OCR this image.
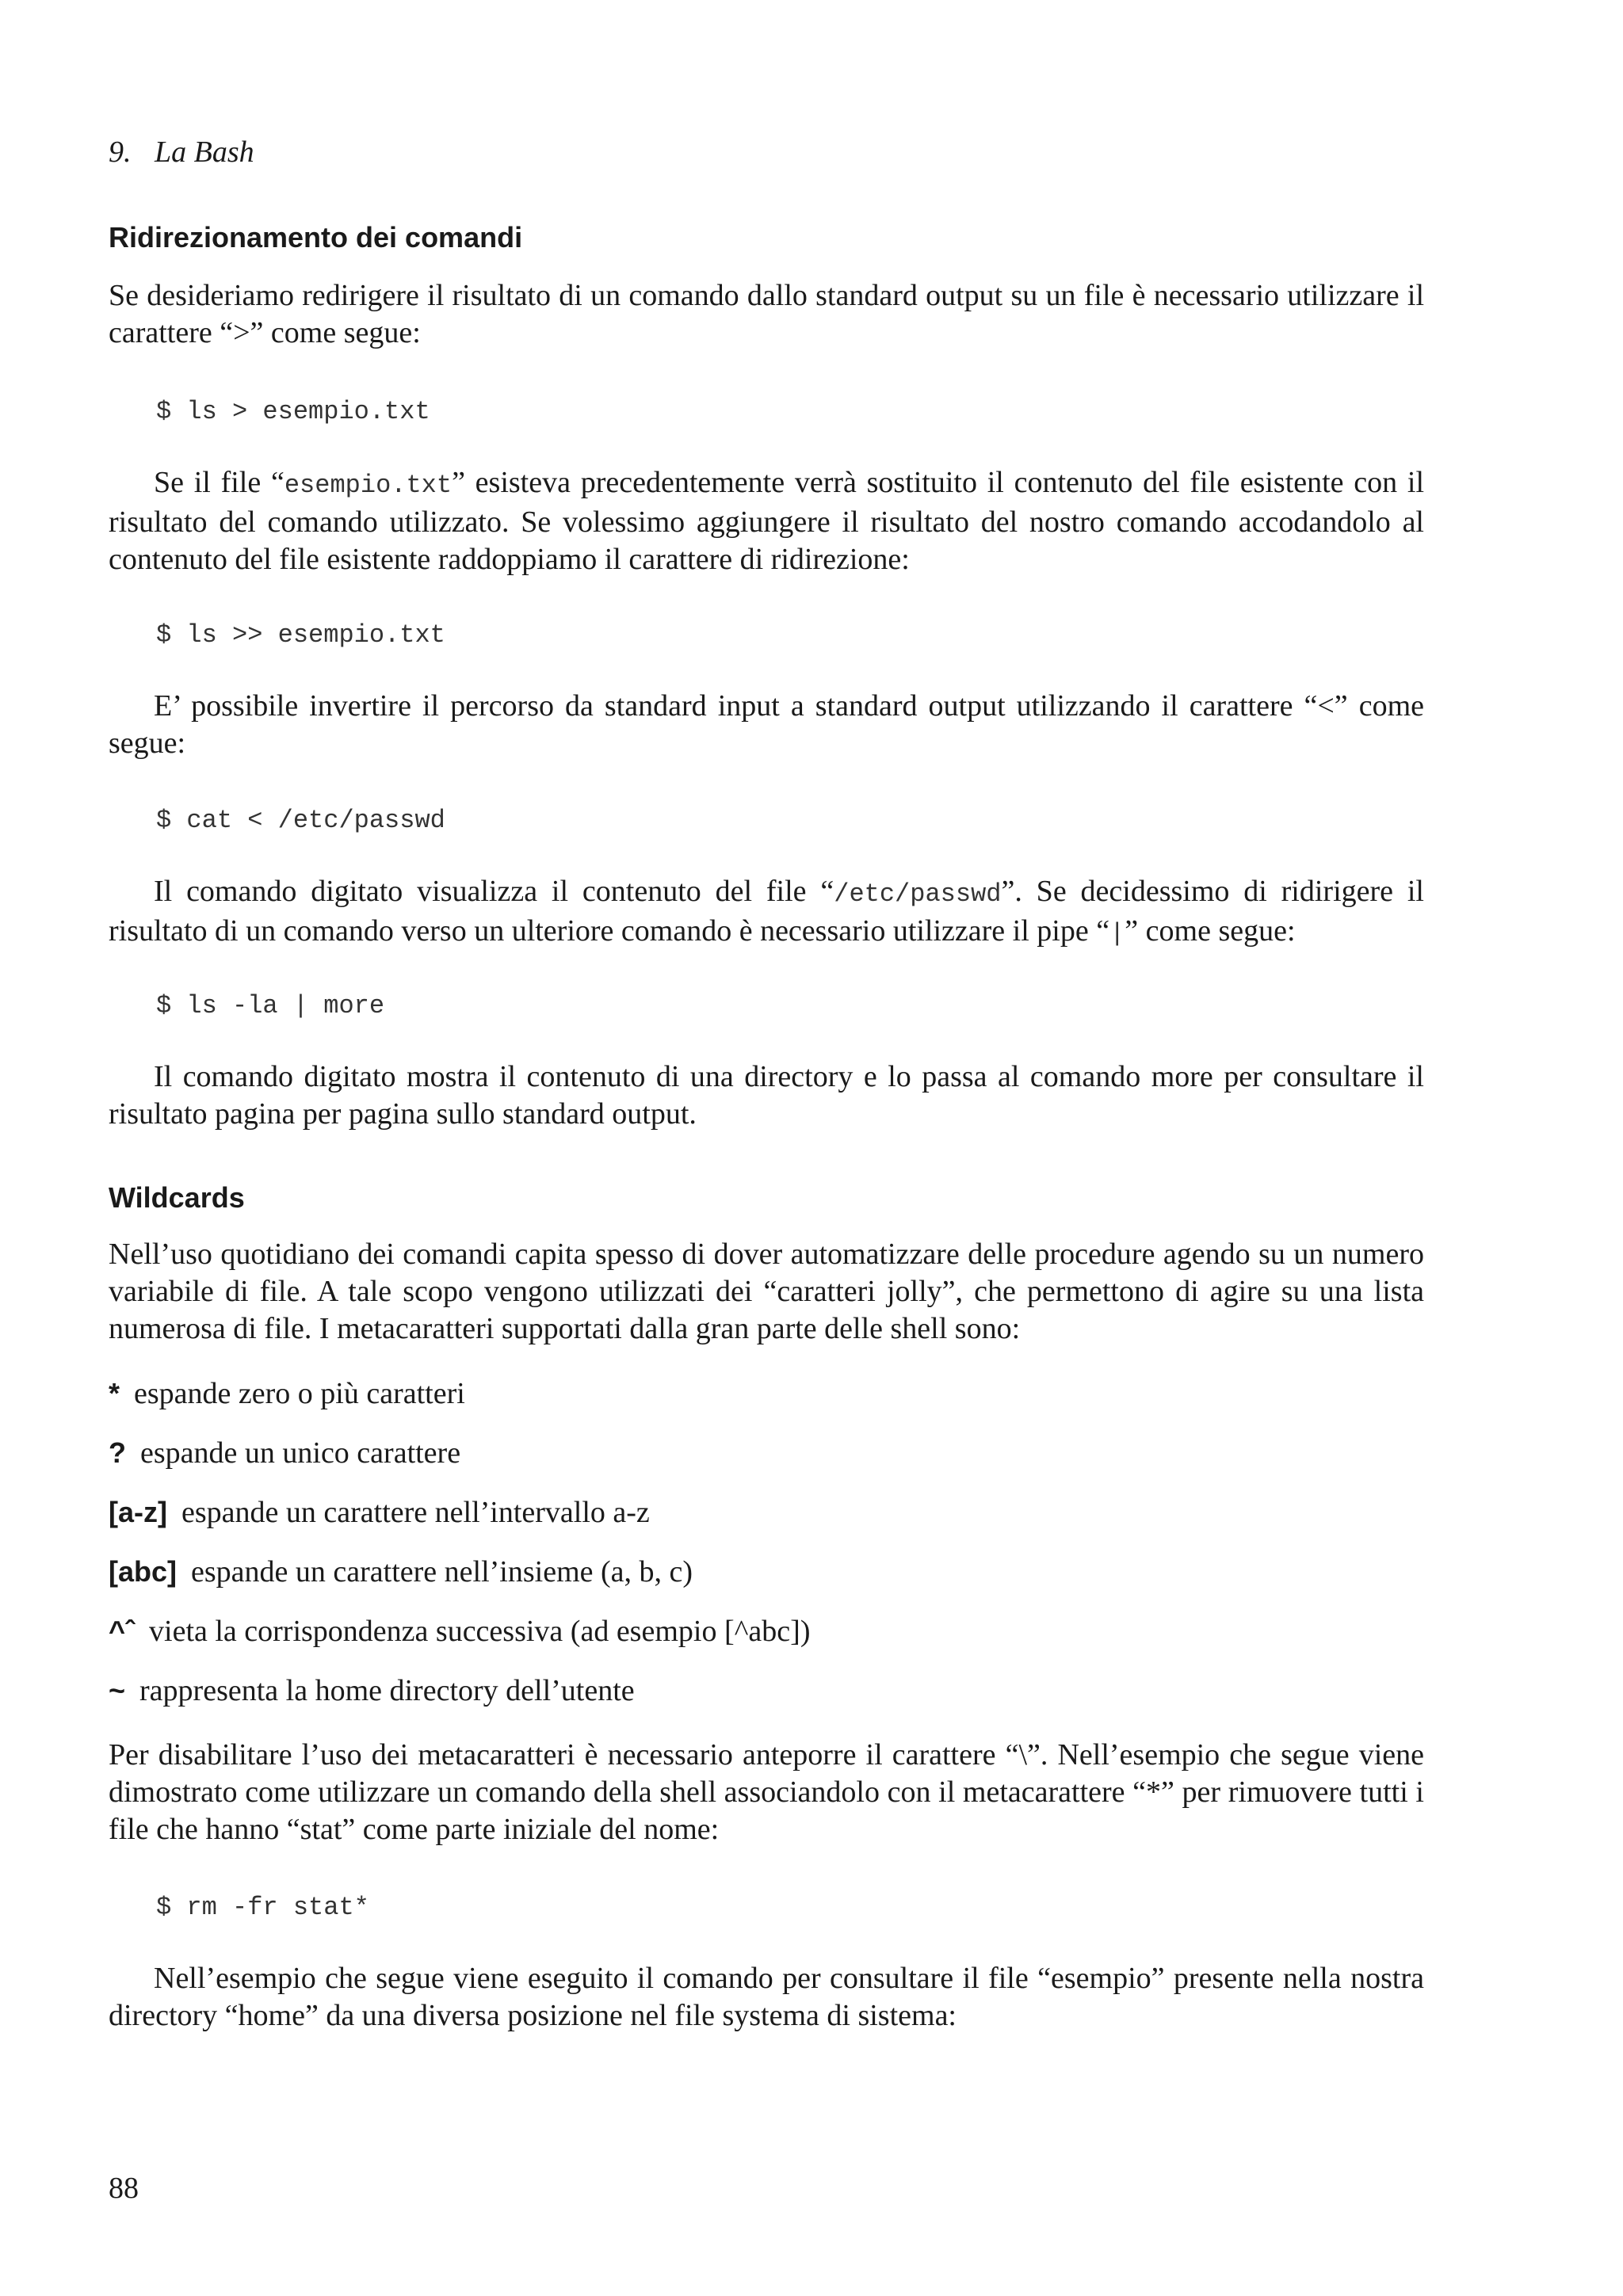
9. La Bash
Ridirezionamento dei comandi

Se desideriamo redirigere il risultato di un comando dallo standard output su un file è necessario utilizzare il carattere “>” come segue:

$ ls > esempio.txt

Se il file “esempio.txt” esisteva precedentemente verrà sostituito il contenuto del file esistente con il risultato del comando utilizzato. Se volessimo aggiungere il risultato del nostro comando accodandolo al contenuto del file esistente raddoppiamo il carattere di ridirezione:

$ ls >> esempio.txt

E’ possibile invertire il percorso da standard input a standard output utilizzando il carattere “<” come segue:

$ cat < /etc/passwd

Il comando digitato visualizza il contenuto del file “/etc/passwd”. Se decidessimo di ridirigere il risultato di un comando verso un ulteriore comando è necessario utilizzare il pipe “|” come segue:

$ ls -la | more

Il comando digitato mostra il contenuto di una directory e lo passa al comando more per consultare il risultato pagina per pagina sullo standard output.

Wildcards

Nell’uso quotidiano dei comandi capita spesso di dover automatizzare delle procedure agendo su un numero variabile di file. A tale scopo vengono utilizzati dei “caratteri jolly”, che permettono di agire su una lista numerosa di file. I metacaratteri supportati dalla gran parte delle shell sono:

* espande zero o più caratteri

? espande un unico carattere

[a-z] espande un carattere nell’intervallo a-z

[abc] espande un carattere nell’insieme (a, b, c)

^ˆ vieta la corrispondenza successiva (ad esempio [^abc])

~ rappresenta la home directory dell’utente

Per disabilitare l’uso dei metacaratteri è necessario anteporre il carattere “\”. Nell’esempio che segue viene dimostrato come utilizzare un comando della shell associandolo con il metacarattere “*” per rimuovere tutti i file che hanno “stat” come parte iniziale del nome:

$ rm -fr stat*

Nell’esempio che segue viene eseguito il comando per consultare il file “esempio” presente nella nostra directory “home” da una diversa posizione nel file systema di sistema:

88
